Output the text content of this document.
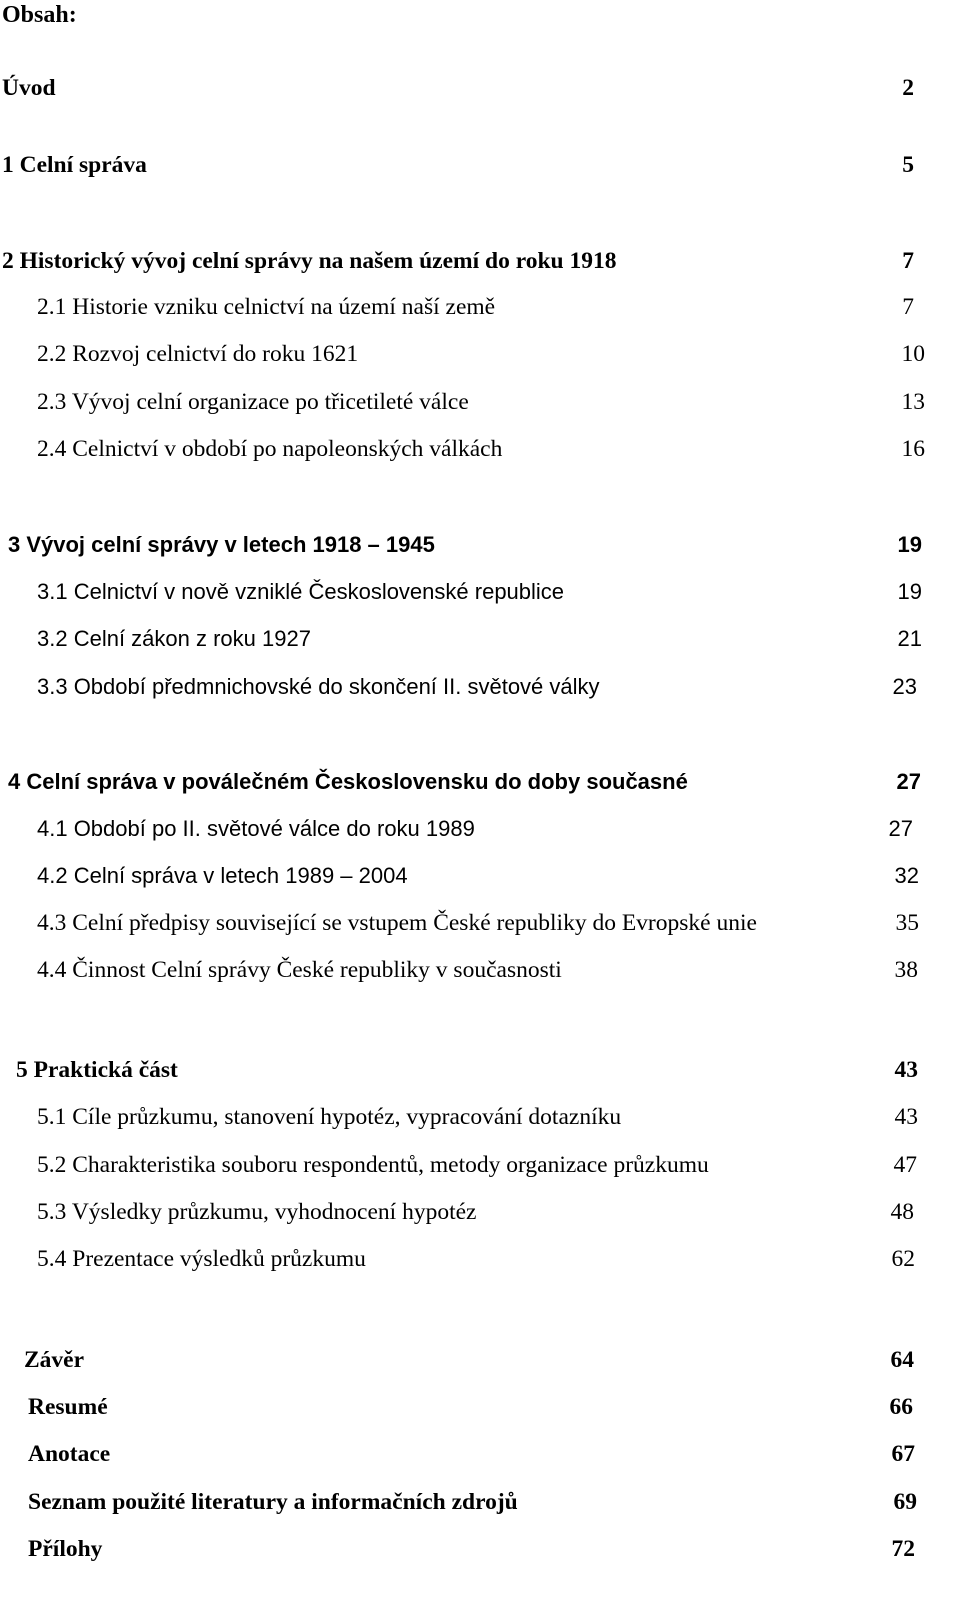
Obsah:
Úvod	2
1 Celní správa	5
2 Historický vývoj celní správy na našem území do roku 1918	7
2.1 Historie vzniku celnictví na území naší země	7
2.2 Rozvoj celnictví do roku 1621	10
2.3 Vývoj celní organizace po třicetileté válce	13
2.4 Celnictví v období po napoleonských válkách	16
3 Vývoj celní správy v letech 1918 – 1945	19
3.1 Celnictví v nově vzniklé Československé republice	19
3.2 Celní zákon z roku 1927	21
3.3 Období předmnichovské do skončení II. světové války	23
4 Celní správa v poválečném Československu do doby současné	27
4.1 Období po II. světové válce do roku 1989	27
4.2 Celní správa v letech 1989 – 2004	32
4.3 Celní předpisy související se vstupem České republiky do Evropské unie	35
4.4 Činnost Celní správy České republiky v současnosti	38
5 Praktická část	43
5.1 Cíle průzkumu, stanovení hypotéz, vypracování dotazníku	43
5.2 Charakteristika souboru respondentů, metody organizace průzkumu	47
5.3 Výsledky průzkumu, vyhodnocení hypotéz	48
5.4 Prezentace výsledků průzkumu	62
Závěr	64
Resumé	66
Anotace	67
Seznam použité literatury a informačních zdrojů	69
Přílohy	72
